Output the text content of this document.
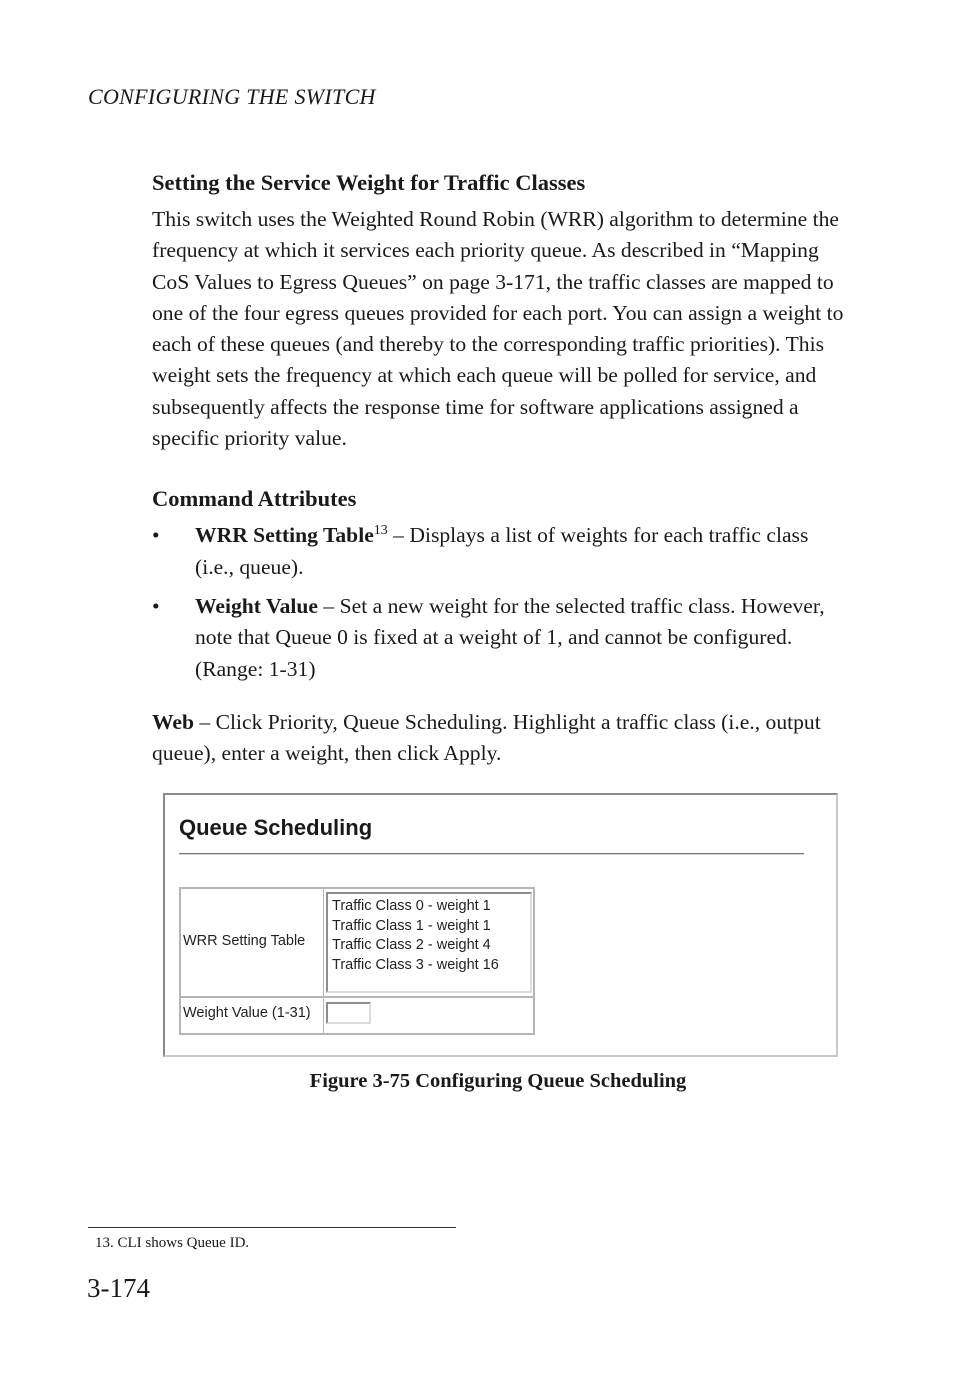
CONFIGURING THE SWITCH
Setting the Service Weight for Traffic Classes

This switch uses the Weighted Round Robin (WRR) algorithm to determine the frequency at which it services each priority queue. As described in “Mapping CoS Values to Egress Queues” on page 3-171, the traffic classes are mapped to one of the four egress queues provided for each port. You can assign a weight to each of these queues (and thereby to the corresponding traffic priorities). This weight sets the frequency at which each queue will be polled for service, and subsequently affects the response time for software applications assigned a specific priority value.

Command Attributes
• WRR Setting Table$^{13}$ – Displays a list of weights for each traffic class (i.e., queue).
• Weight Value – Set a new weight for the selected traffic class. However, note that Queue 0 is fixed at a weight of 1, and cannot be configured. (Range: 1-31)

Web – Click Priority, Queue Scheduling. Highlight a traffic class (i.e., output queue), enter a weight, then click Apply.

Queue Scheduling
WRR Setting Table
Traffic Class 0 - weight 1
Traffic Class 1 - weight 1
Traffic Class 2 - weight 4
Traffic Class 3 - weight 16
Weight Value (1-31)
Figure 3-75 Configuring Queue Scheduling
13. CLI shows Queue ID.
3-174
